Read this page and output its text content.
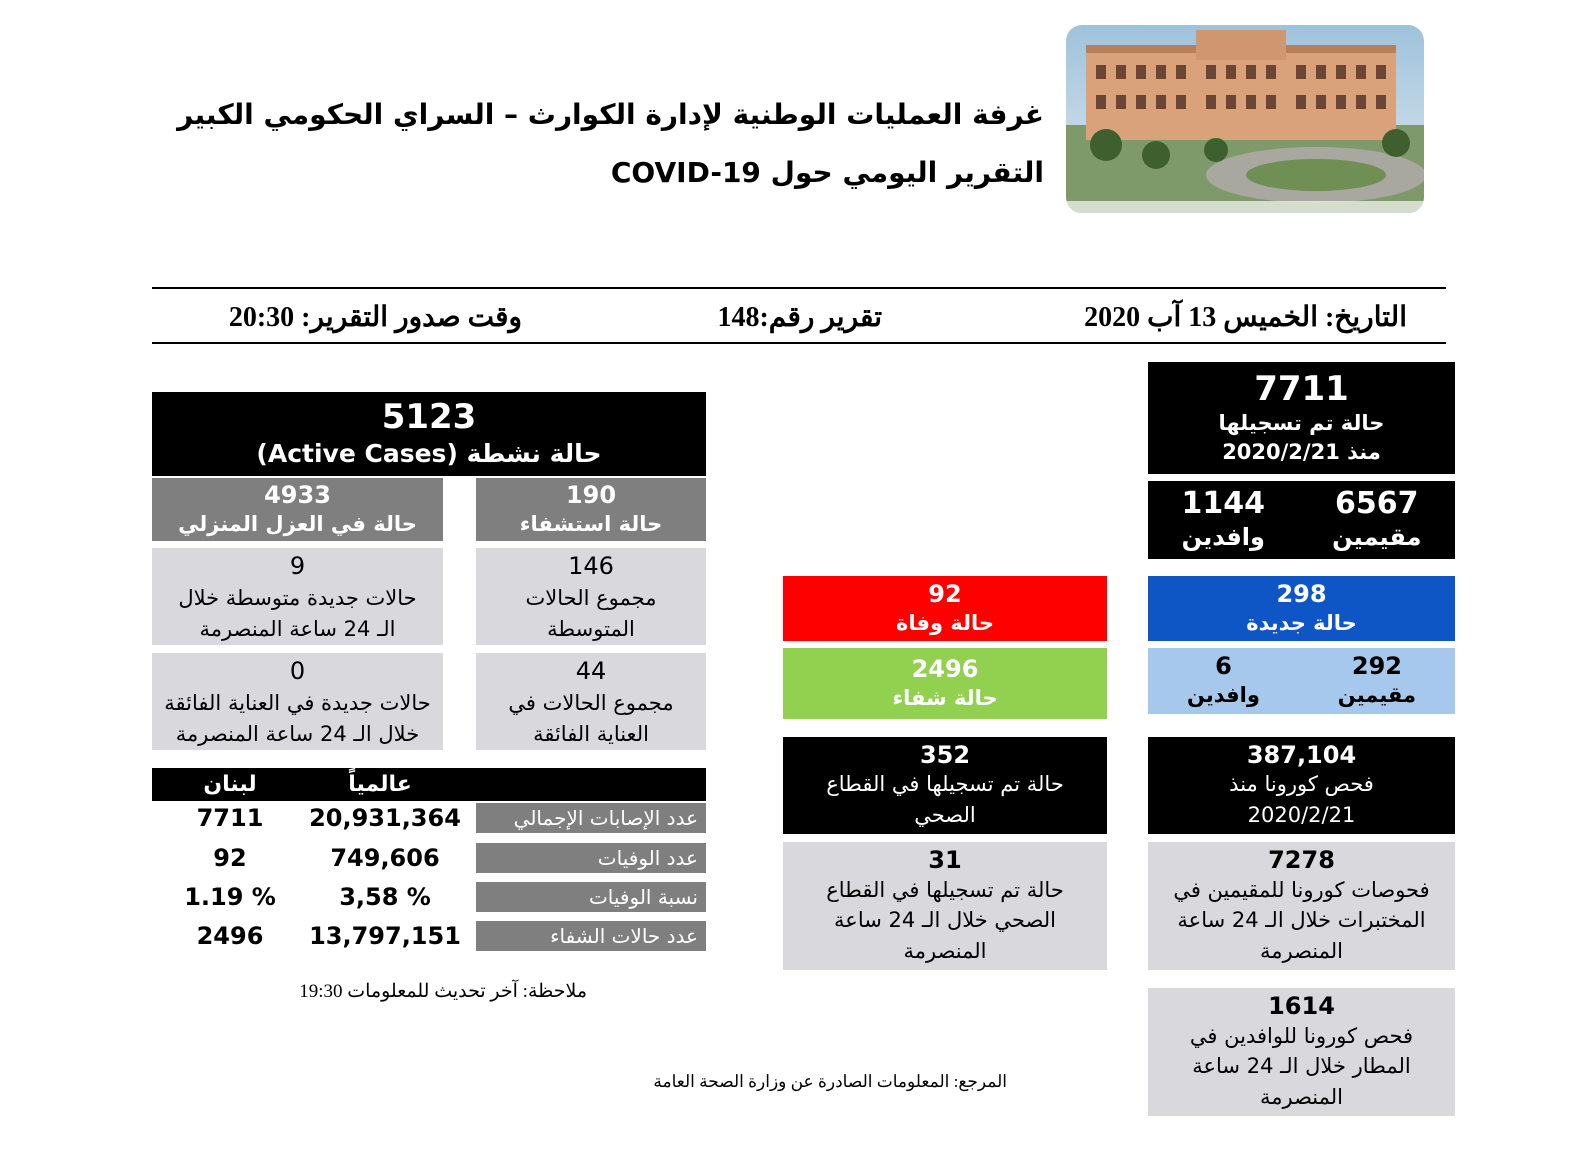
غرفة العمليات الوطنية لإدارة الكوارث – السراي الحكومي الكبير
التقرير اليومي حول COVID-19
التاريخ: الخميس 13 آب 2020
تقرير رقم:148
وقت صدور التقرير: 20:30
7711
حالة تم تسجيلها
منذ 2020/2/21
6567
مقيمين
1144
وافدين
298
حالة جديدة
292
مقيمين
6
وافدين
387,104
فحص كورونا منذ
2020/2/21
7278
فحوصات كورونا للمقيمين في المختبرات خلال الـ 24 ساعة المنصرمة
1614
فحص كورونا للوافدين في المطار خلال الـ 24 ساعة المنصرمة
92
حالة وفاة
2496
حالة شفاء
352
حالة تم تسجيلها في القطاع الصحي
31
حالة تم تسجيلها في القطاع الصحي خلال الـ 24 ساعة المنصرمة
5123
حالة نشطة (Active Cases)
190
حالة استشفاء
4933
حالة في العزل المنزلي
146
مجموع الحالات المتوسطة
9
حالات جديدة متوسطة خلال الـ 24 ساعة المنصرمة
44
مجموع الحالات في العناية الفائقة
0
حالات جديدة في العناية الفائقة خلال الـ 24 ساعة المنصرمة
عالمياً
لبنان
عدد الإصابات الإجمالي
20,931,364
7711
عدد الوفيات
749,606
92
نسبة الوفيات
% 3,58
% 1.19
عدد حالات الشفاء
13,797,151
2496
ملاحظة: آخر تحديث للمعلومات 19:30
المرجع: المعلومات الصادرة عن وزارة الصحة العامة
